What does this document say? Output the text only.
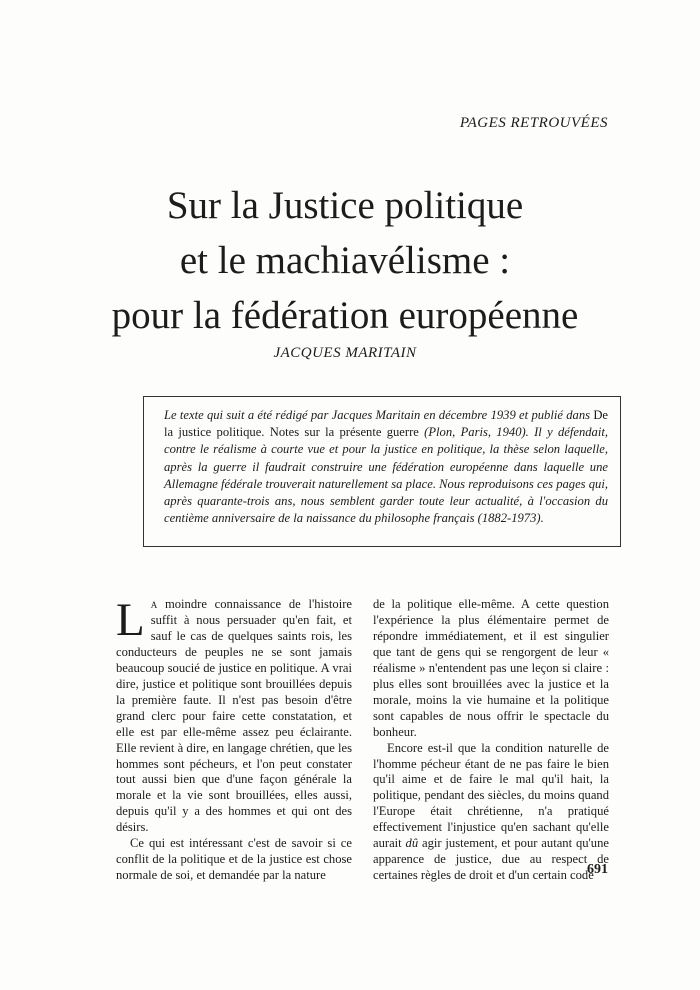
PAGES RETROUVÉES
Sur la Justice politique
et le machiavélisme :
pour la fédération européenne
JACQUES MARITAIN

Le texte qui suit a été rédigé par Jacques Maritain en décembre 1939 et publié dans De la justice politique. Notes sur la présente guerre (Plon, Paris, 1940). Il y défendait, contre le réalisme à courte vue et pour la justice en politique, la thèse selon laquelle, après la guerre il faudrait construire une fédération européenne dans laquelle une Allemagne fédérale trouverait naturellement sa place. Nous reproduisons ces pages qui, après quarante-trois ans, nous semblent garder toute leur actualité, à l'occasion du centième anniversaire de la naissance du philosophe français (1882-1973).

La moindre connaissance de l'histoire suffit à nous persuader qu'en fait, et sauf le cas de quelques saints rois, les conducteurs de peuples ne se sont jamais beaucoup soucié de justice en politique. A vrai dire, justice et politique sont brouillées depuis la première faute. Il n'est pas besoin d'être grand clerc pour faire cette constatation, et elle est par elle-même assez peu éclairante. Elle revient à dire, en langage chrétien, que les hommes sont pécheurs, et l'on peut constater tout aussi bien que d'une façon générale la morale et la vie sont brouillées, elles aussi, depuis qu'il y a des hommes et qui ont des désirs.

Ce qui est intéressant c'est de savoir si ce conflit de la politique et de la justice est chose normale de soi, et demandée par la nature

de la politique elle-même. A cette question l'expérience la plus élémentaire permet de répondre immédiatement, et il est singulier que tant de gens qui se rengorgent de leur « réalisme » n'entendent pas une leçon si claire : plus elles sont brouillées avec la justice et la morale, moins la vie humaine et la politique sont capables de nous offrir le spectacle du bonheur.

Encore est-il que la condition naturelle de l'homme pécheur étant de ne pas faire le bien qu'il aime et de faire le mal qu'il hait, la politique, pendant des siècles, du moins quand l'Europe était chrétienne, n'a pratiqué effectivement l'injustice qu'en sachant qu'elle aurait dû agir justement, et pour autant qu'une apparence de justice, due au respect de certaines règles de droit et d'un certain code

691
